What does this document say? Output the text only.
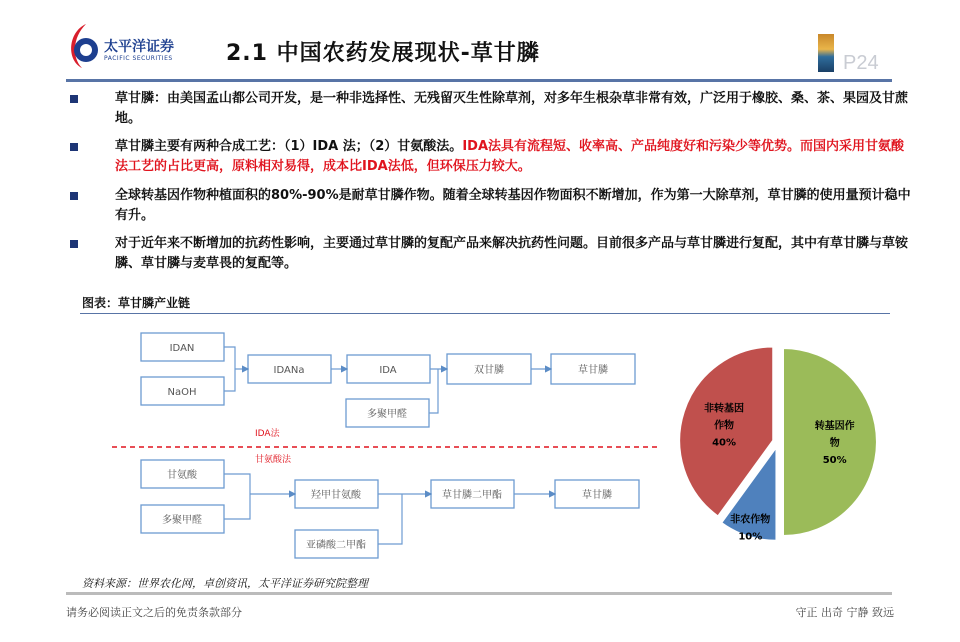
太平洋证券
PACIFIC SECURITIES 2.1 中国农药发展现状-草甘膦	P24
草甘膦：由美国孟山都公司开发，是一种非选择性、无残留灭生性除草剂，对多年生根杂草非常有效，广泛用于橡胶、桑、茶、果园及甘蔗地。
草甘膦主要有两种合成工艺：（1）IDA 法；（2）甘氨酸法。IDA法具有流程短、收率高、产品纯度好和污染少等优势。而国内采用甘氨酸法工艺的占比更高，原料相对易得，成本比IDA法低，但环保压力较大。
全球转基因作物种植面积的80%-90%是耐草甘膦作物。随着全球转基因作物面积不断增加，作为第一大除草剂，草甘膦的使用量预计稳中有升。
对于近年来不断增加的抗药性影响，主要通过草甘膦的复配产品来解决抗药性问题。目前很多产品与草甘膦进行复配，其中有草甘膦与草铵膦、草甘膦与麦草畏的复配等。
图表：草甘膦产业链
IDAN
NaOH
IDANa	IDA	双甘膦	草甘膦
多聚甲醛
甘氨酸
多聚甲醛
羟甲甘氨酸
亚磷酸二甲酯
草甘膦二甲酯	草甘膦
IDA法
甘氨酸法
转基因作
物
50%
非农作物
10%
非转基因
作物
40%
资料来源：世界农化网，卓创资讯，太平洋证券研究院整理
请务必阅读正文之后的免责条款部分	守正 出奇 宁静 致远
